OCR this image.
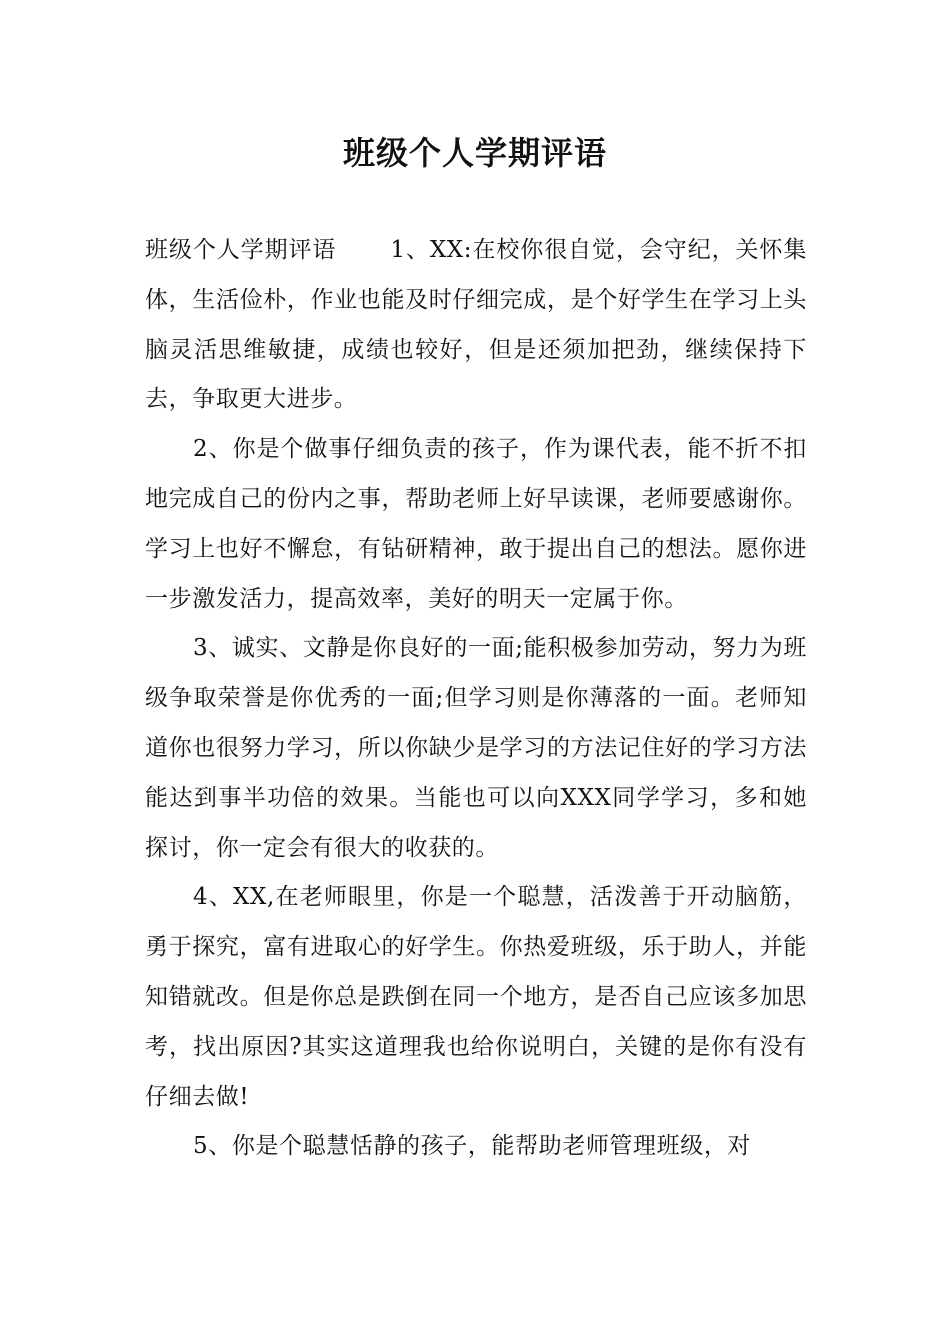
班级个人学期评语

班级个人学期评语 1、XX:在校你很自觉，会守纪，关怀集体，生活俭朴，作业也能及时仔细完成，是个好学生在学习上头脑灵活思维敏捷，成绩也较好，但是还须加把劲，继续保持下去，争取更大进步。

2、你是个做事仔细负责的孩子，作为课代表，能不折不扣地完成自己的份内之事，帮助老师上好早读课，老师要感谢你。学习上也好不懈怠，有钻研精神，敢于提出自己的想法。愿你进一步激发活力，提高效率，美好的明天一定属于你。

3、诚实、文静是你良好的一面;能积极参加劳动，努力为班级争取荣誉是你优秀的一面;但学习则是你薄落的一面。老师知道你也很努力学习，所以你缺少是学习的方法记住好的学习方法能达到事半功倍的效果。当能也可以向XXX同学学习，多和她探讨，你一定会有很大的收获的。

4、XX,在老师眼里，你是一个聪慧，活泼善于开动脑筋，勇于探究，富有进取心的好学生。你热爱班级，乐于助人，并能知错就改。但是你总是跌倒在同一个地方，是否自己应该多加思考，找出原因?其实这道理我也给你说明白，关键的是你有没有仔细去做!

5、你是个聪慧恬静的孩子，能帮助老师管理班级，对
